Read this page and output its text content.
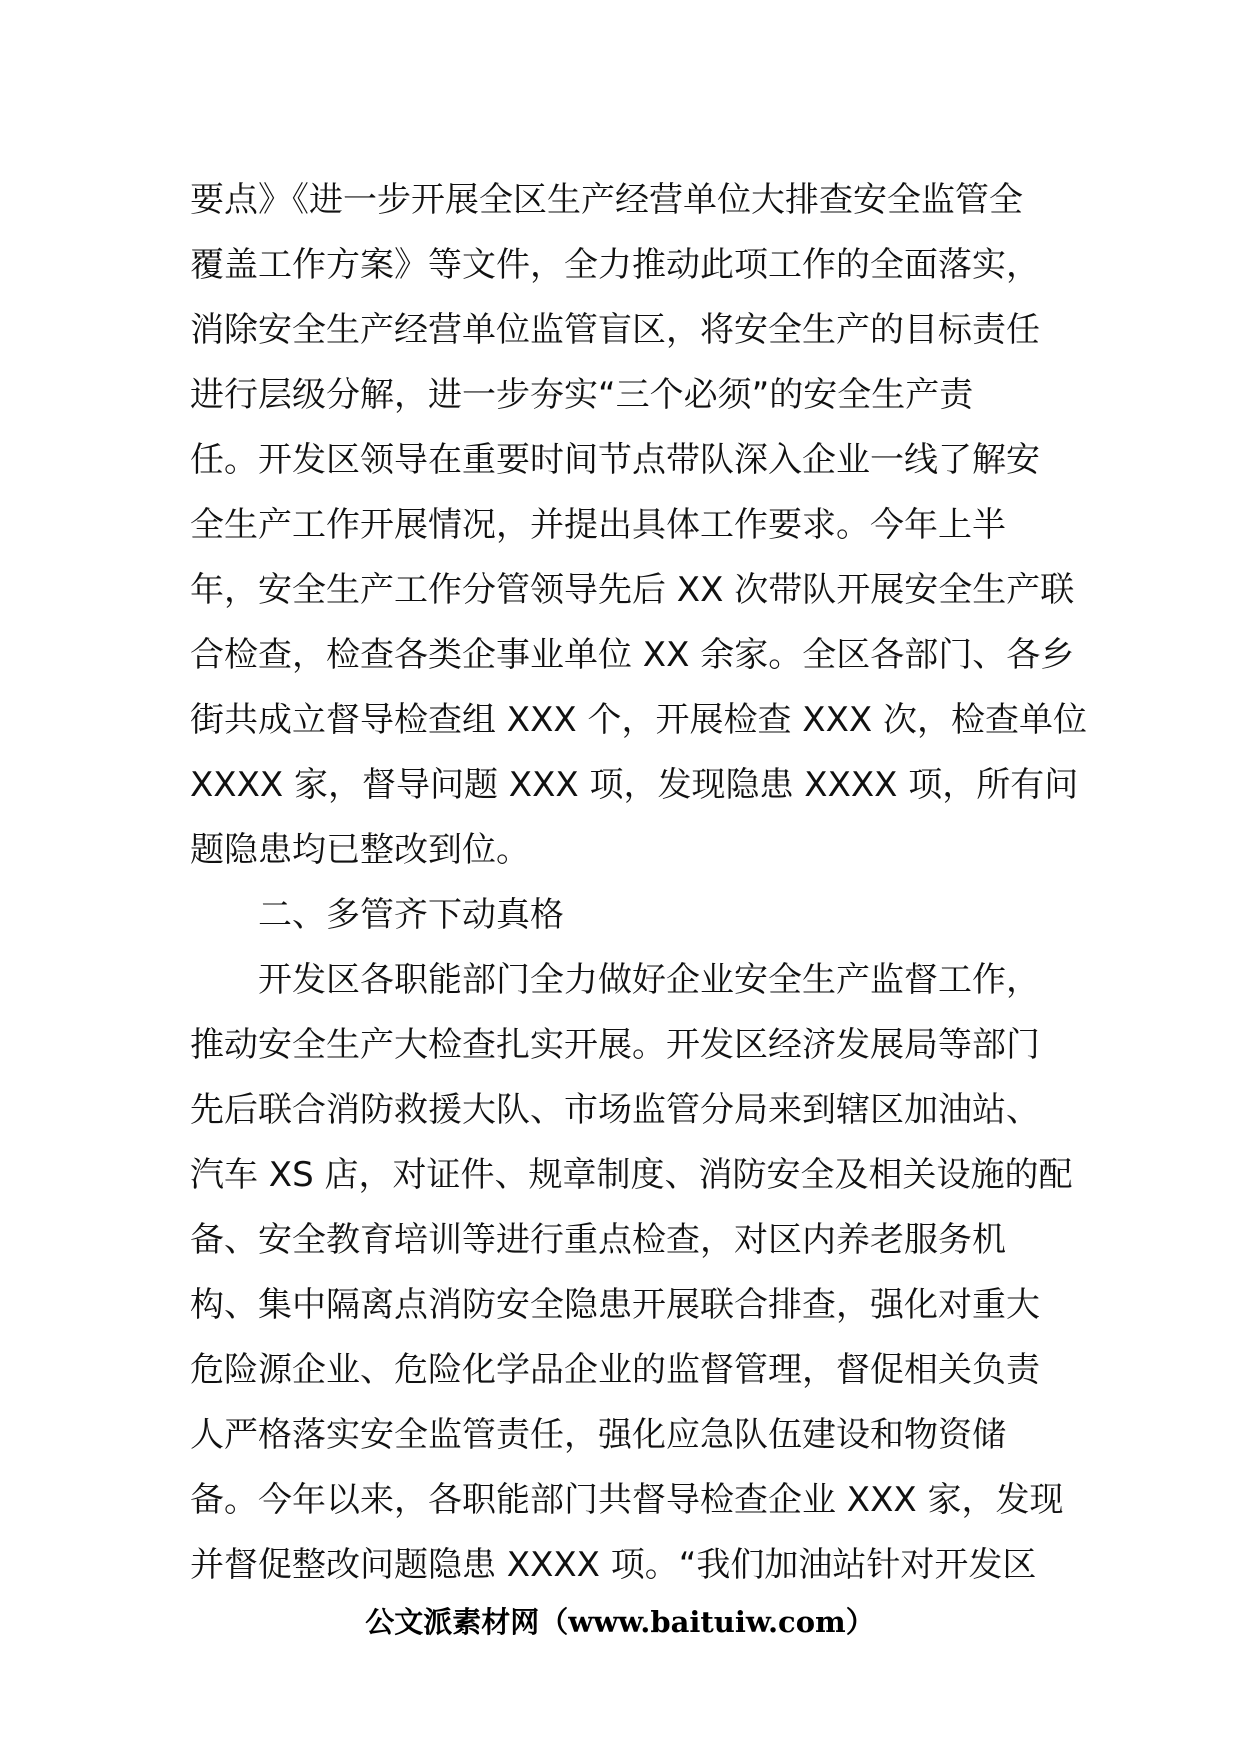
要点》《进一步开展全区生产经营单位大排查安全监管全
覆盖工作方案》等文件，全力推动此项工作的全面落实，
消除安全生产经营单位监管盲区，将安全生产的目标责任
进行层级分解，进一步夯实“三个必须”的安全生产责
任。开发区领导在重要时间节点带队深入企业一线了解安
全生产工作开展情况，并提出具体工作要求。今年上半
年，安全生产工作分管领导先后 XX 次带队开展安全生产联
合检查，检查各类企事业单位 XX 余家。全区各部门、各乡
街共成立督导检查组 XXX 个，开展检查 XXX 次，检查单位
XXXX 家，督导问题 XXX 项，发现隐患 XXXX 项，所有问
题隐患均已整改到位。
二、多管齐下动真格
开发区各职能部门全力做好企业安全生产监督工作，
推动安全生产大检查扎实开展。开发区经济发展局等部门
先后联合消防救援大队、市场监管分局来到辖区加油站、
汽车 XS 店，对证件、规章制度、消防安全及相关设施的配
备、安全教育培训等进行重点检查，对区内养老服务机
构、集中隔离点消防安全隐患开展联合排查，强化对重大
危险源企业、危险化学品企业的监督管理，督促相关负责
人严格落实安全监管责任，强化应急队伍建设和物资储
备。今年以来，各职能部门共督导检查企业 XXX 家，发现
并督促整改问题隐患 XXXX 项。“我们加油站针对开发区
公文派素材网（www.baituiw.com）
